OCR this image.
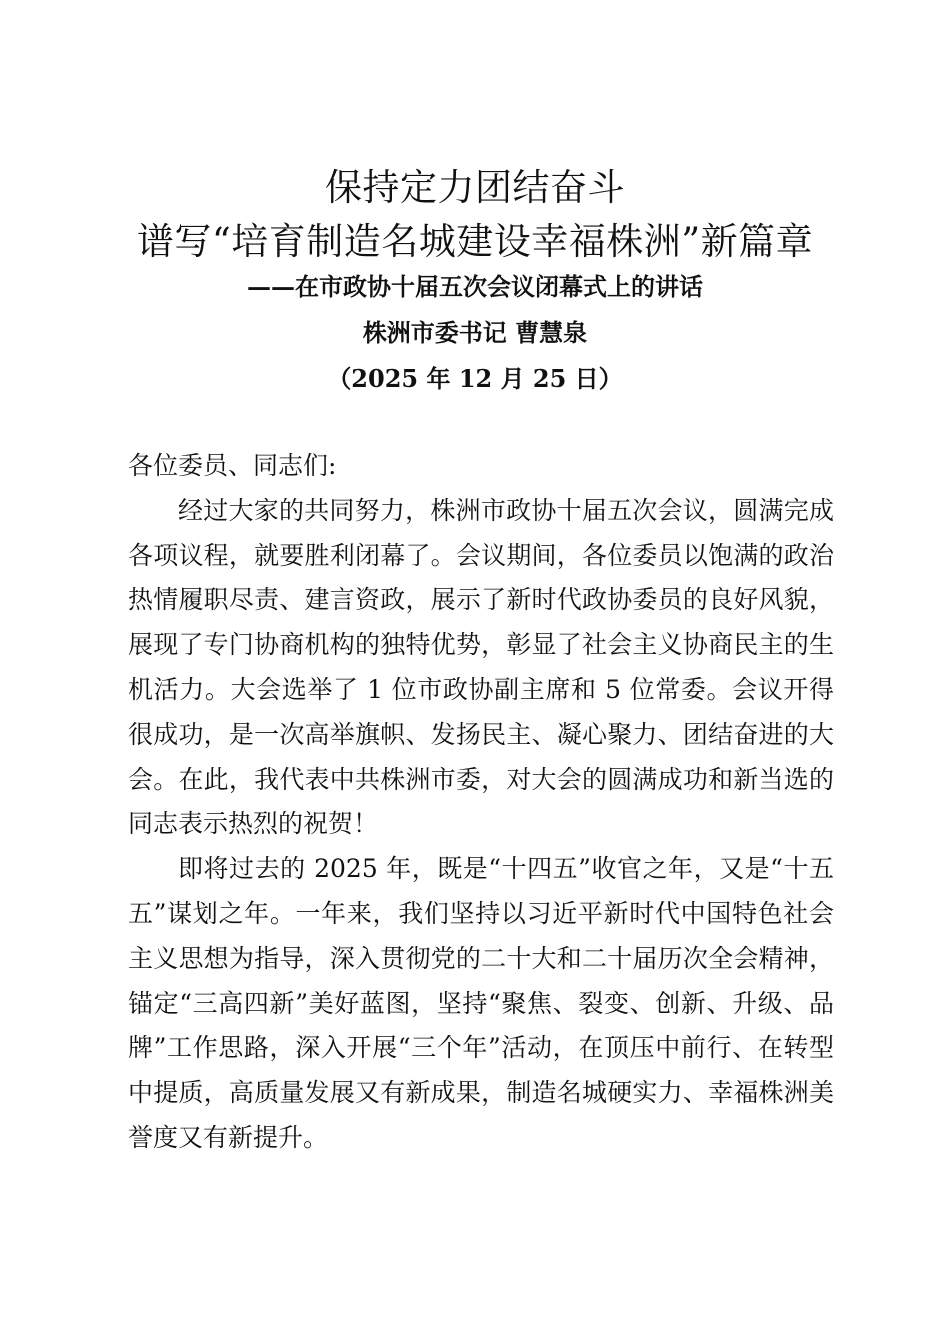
保持定力团结奋斗
谱写“培育制造名城建设幸福株洲”新篇章
——在市政协十届五次会议闭幕式上的讲话
株洲市委书记 曹慧泉
（2025 年 12 月 25 日）

各位委员、同志们:

经过大家的共同努力，株洲市政协十届五次会议，圆满完成各项议程，就要胜利闭幕了。会议期间，各位委员以饱满的政治热情履职尽责、建言资政，展示了新时代政协委员的良好风貌，展现了专门协商机构的独特优势，彰显了社会主义协商民主的生机活力。大会选举了 1 位市政协副主席和 5 位常委。会议开得很成功，是一次高举旗帜、发扬民主、凝心聚力、团结奋进的大会。在此，我代表中共株洲市委，对大会的圆满成功和新当选的同志表示热烈的祝贺！

即将过去的 2025 年，既是“十四五”收官之年，又是“十五五”谋划之年。一年来，我们坚持以习近平新时代中国特色社会主义思想为指导，深入贯彻党的二十大和二十届历次全会精神，锚定“三高四新”美好蓝图，坚持“聚焦、裂变、创新、升级、品牌”工作思路，深入开展“三个年”活动，在顶压中前行、在转型中提质，高质量发展又有新成果，制造名城硬实力、幸福株洲美誉度又有新提升。
